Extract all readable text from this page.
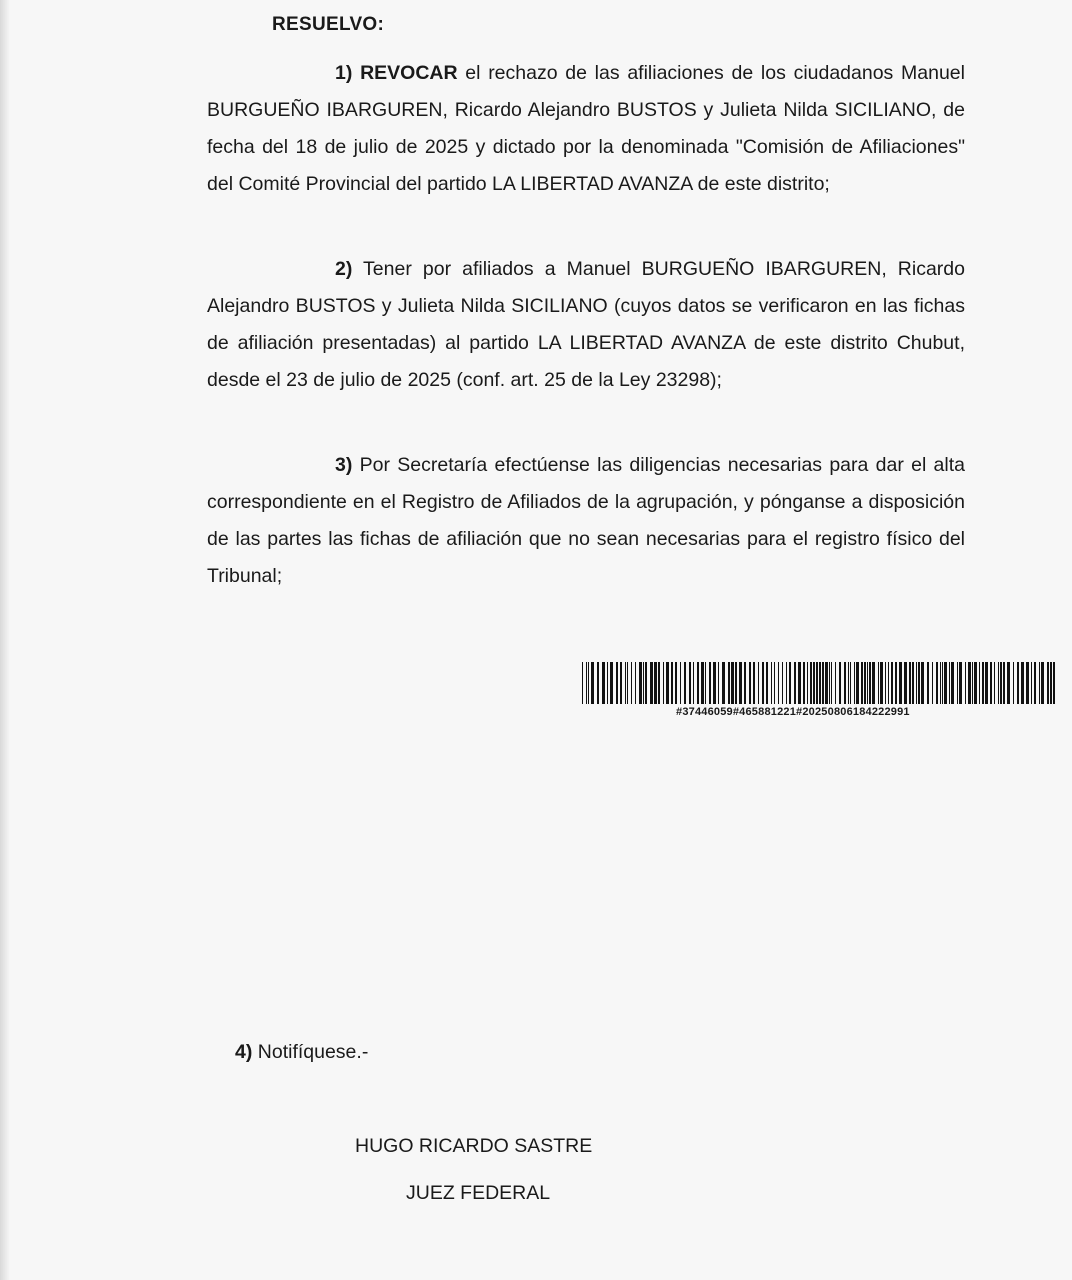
RESUELVO:
1) REVOCAR el rechazo de las afiliaciones de los ciudadanos Manuel BURGUEÑO IBARGUREN, Ricardo Alejandro BUSTOS y Julieta Nilda SICILIANO, de fecha del 18 de julio de 2025 y dictado por la denominada "Comisión de Afiliaciones" del Comité Provincial del partido LA LIBERTAD AVANZA de este distrito;
2) Tener por afiliados a Manuel BURGUEÑO IBARGUREN, Ricardo Alejandro BUSTOS y Julieta Nilda SICILIANO (cuyos datos se verificaron en las fichas de afiliación presentadas) al partido LA LIBERTAD AVANZA de este distrito Chubut, desde el 23 de julio de 2025 (conf. art. 25 de la Ley 23298);
3) Por Secretaría efectúense las diligencias necesarias para dar el alta correspondiente en el Registro de Afiliados de la agrupación, y pónganse a disposición de las partes las fichas de afiliación que no sean necesarias para el registro físico del Tribunal;
#37446059#465881221#20250806184222991
4) Notifíquese.-
HUGO RICARDO SASTRE
JUEZ FEDERAL
